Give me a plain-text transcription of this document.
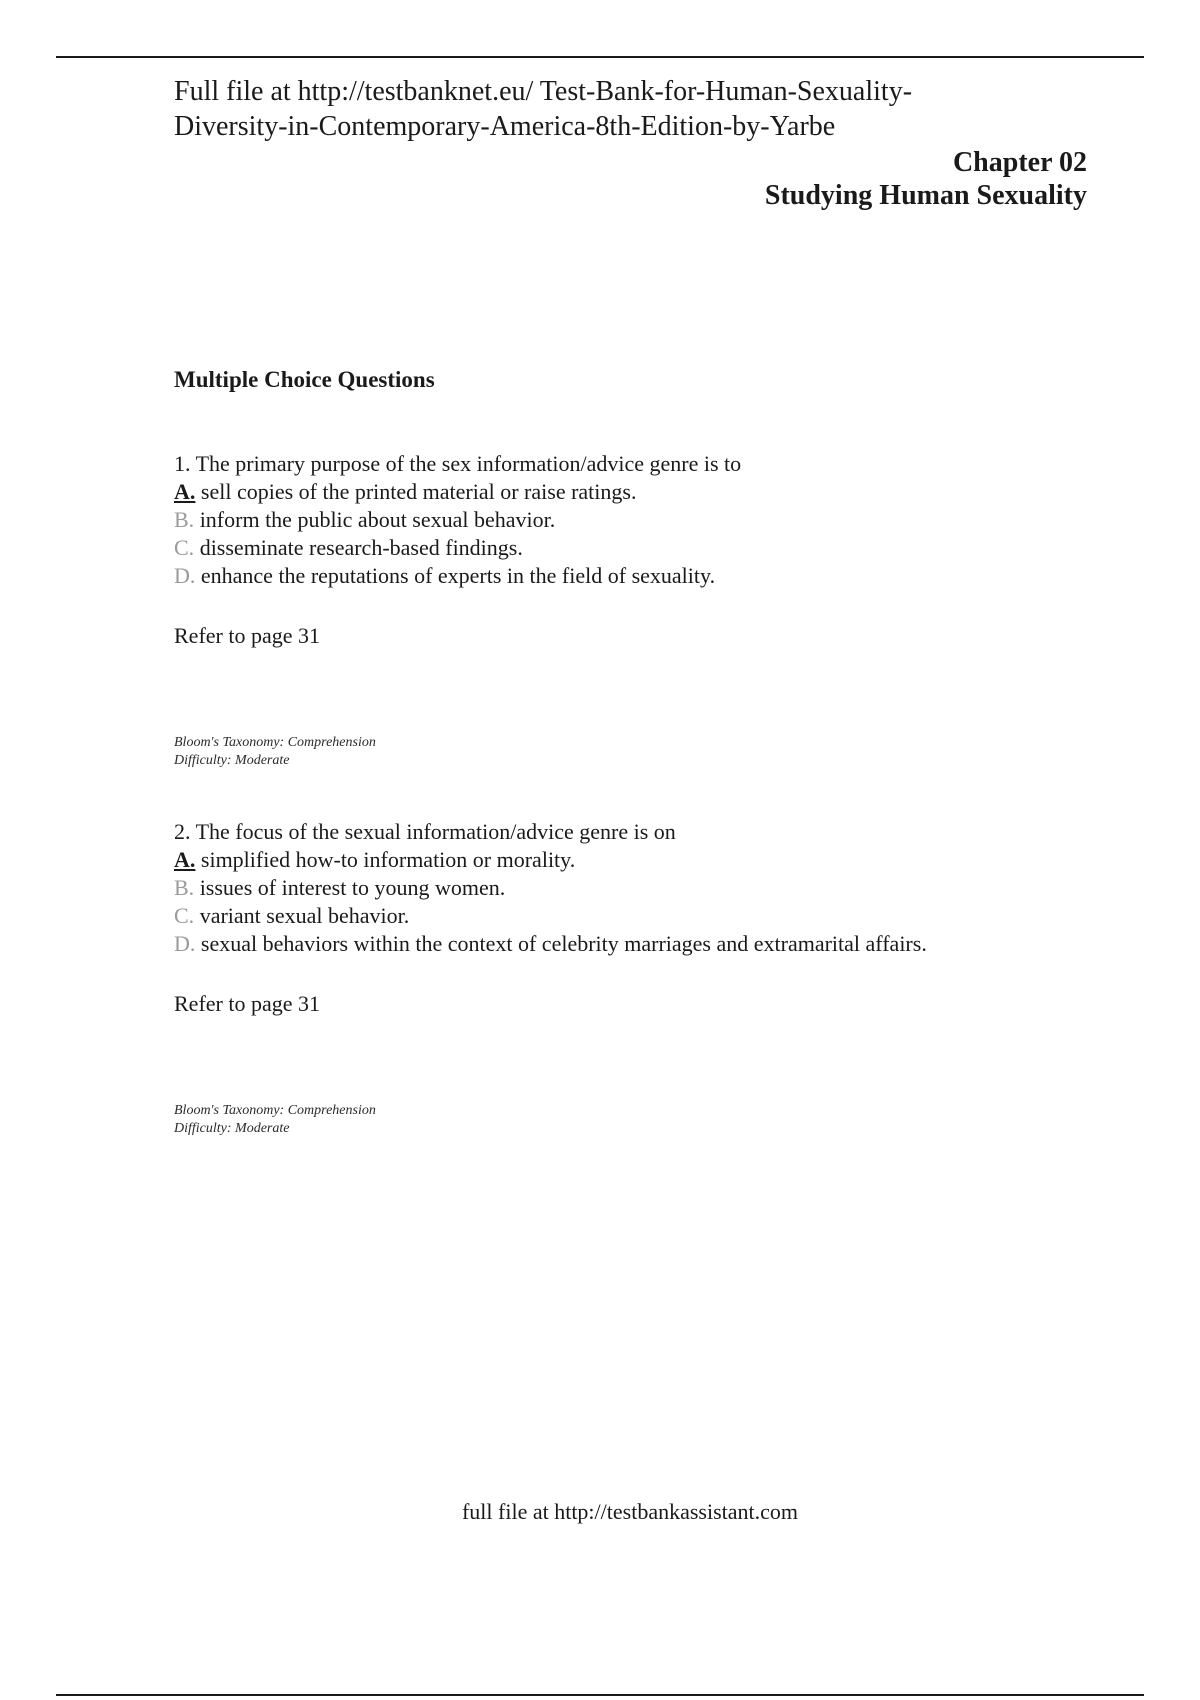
Full file at http://testbanknet.eu/ Test-Bank-for-Human-Sexuality-
Diversity-in-Contemporary-America-8th-Edition-by-Yarbe
Chapter 02
Studying Human Sexuality
Multiple Choice Questions
1. The primary purpose of the sex information/advice genre is to
A. sell copies of the printed material or raise ratings.
B. inform the public about sexual behavior.
C. disseminate research-based findings.
D. enhance the reputations of experts in the field of sexuality.
Refer to page 31
Bloom's Taxonomy: Comprehension
Difficulty: Moderate
2. The focus of the sexual information/advice genre is on
A. simplified how-to information or morality.
B. issues of interest to young women.
C. variant sexual behavior.
D. sexual behaviors within the context of celebrity marriages and extramarital affairs.
Refer to page 31
Bloom's Taxonomy: Comprehension
Difficulty: Moderate
full file at http://testbankassistant.com
